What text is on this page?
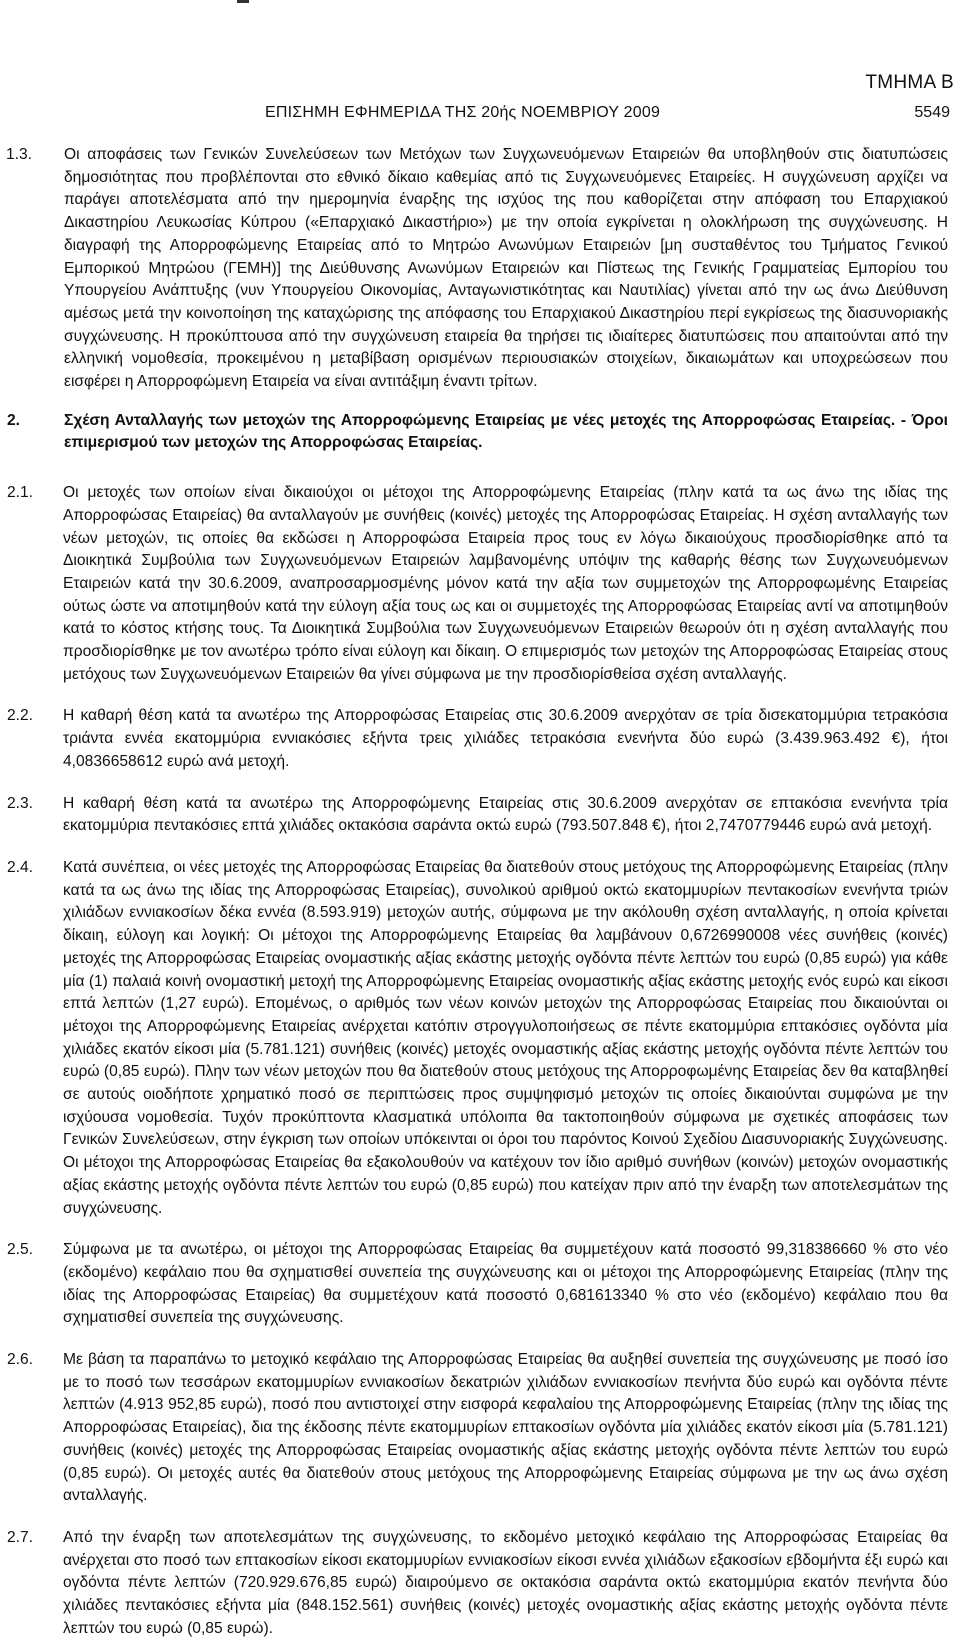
ΤΜΗΜΑ Β
ΕΠΙΣΗΜΗ ΕΦΗΜΕΡΙΔΑ ΤΗΣ 20ής ΝΟΕΜΒΡΙΟΥ 2009	5549
1.3.	Οι αποφάσεις των Γενικών Συνελεύσεων των Μετόχων των Συγχωνευόμενων Εταιρειών θα υποβληθούν στις διατυπώσεις δημοσιότητας που προβλέπονται στο εθνικό δίκαιο καθεμίας από τις Συγχωνευόμενες Εταιρείες. Η συγχώνευση αρχίζει να παράγει αποτελέσματα από την ημερομηνία έναρξης της ισχύος της που καθορίζεται στην απόφαση του Επαρχιακού Δικαστηρίου Λευκωσίας Κύπρου («Επαρχιακό Δικαστήριο») με την οποία εγκρίνεται η ολοκλήρωση της συγχώνευσης. Η διαγραφή της Απορροφώμενης Εταιρείας από το Μητρώο Ανωνύμων Εταιρειών [μη συσταθέντος του Τμήματος Γενικού Εμπορικού Μητρώου (ΓΕΜΗ)] της Διεύθυνσης Ανωνύμων Εταιρειών και Πίστεως της Γενικής Γραμματείας Εμπορίου του Υπουργείου Ανάπτυξης (νυν Υπουργείου Οικονομίας, Ανταγωνιστικότητας και Ναυτιλίας) γίνεται από την ως άνω Διεύθυνση αμέσως μετά την κοινοποίηση της καταχώρισης της απόφασης του Επαρχιακού Δικαστηρίου περί εγκρίσεως της διασυνοριακής συγχώνευσης. Η προκύπτουσα από την συγχώνευση εταιρεία θα τηρήσει τις ιδιαίτερες διατυπώσεις που απαιτούνται από την ελληνική νομοθεσία, προκειμένου η μεταβίβαση ορισμένων περιουσιακών στοιχείων, δικαιωμάτων και υποχρεώσεων που εισφέρει η Απορροφώμενη Εταιρεία να είναι αντιτάξιμη έναντι τρίτων.
2.	Σχέση Ανταλλαγής των μετοχών της Απορροφώμενης Εταιρείας με νέες μετοχές της Απορροφώσας Εταιρείας. - Όροι επιμερισμού των μετοχών της Απορροφώσας Εταιρείας.
2.1.	Οι μετοχές των οποίων είναι δικαιούχοι οι μέτοχοι της Απορροφώμενης Εταιρείας (πλην κατά τα ως άνω της ιδίας της Απορροφώσας Εταιρείας) θα ανταλλαγούν με συνήθεις (κοινές) μετοχές της Απορροφώσας Εταιρείας. Η σχέση ανταλλαγής των νέων μετοχών, τις οποίες θα εκδώσει η Απορροφώσα Εταιρεία προς τους εν λόγω δικαιούχους προσδιορίσθηκε από τα Διοικητικά Συμβούλια των Συγχωνευόμενων Εταιρειών λαμβανομένης υπόψιν της καθαρής θέσης των Συγχωνευόμενων Εταιρειών κατά την 30.6.2009, αναπροσαρμοσμένης μόνον κατά την αξία των συμμετοχών της Απορροφωμένης Εταιρείας ούτως ώστε να αποτιμηθούν κατά την εύλογη αξία τους ως και οι συμμετοχές της Απορροφώσας Εταιρείας αντί να αποτιμηθούν κατά το κόστος κτήσης τους. Τα Διοικητικά Συμβούλια των Συγχωνευόμενων Εταιρειών θεωρούν ότι η σχέση ανταλλαγής που προσδιορίσθηκε με τον ανωτέρω τρόπο είναι εύλογη και δίκαιη. Ο επιμερισμός των μετοχών της Απορροφώσας Εταιρείας στους μετόχους των Συγχωνευόμενων Εταιρειών θα γίνει σύμφωνα με την προσδιορίσθείσα σχέση ανταλλαγής.
2.2.	Η καθαρή θέση κατά τα ανωτέρω της Απορροφώσας Εταιρείας στις 30.6.2009 ανερχόταν σε τρία δισεκατομμύρια τετρακόσια τριάντα εννέα εκατομμύρια εννιακόσιες εξήντα τρεις χιλιάδες τετρακόσια ενενήντα δύο ευρώ (3.439.963.492 €), ήτοι 4,0836658612 ευρώ ανά μετοχή.
2.3.	Η καθαρή θέση κατά τα ανωτέρω της Απορροφώμενης Εταιρείας στις 30.6.2009 ανερχόταν σε επτακόσια ενενήντα τρία εκατομμύρια πεντακόσιες επτά χιλιάδες οκτακόσια σαράντα οκτώ ευρώ (793.507.848 €), ήτοι 2,7470779446 ευρώ ανά μετοχή.
2.4.	Κατά συνέπεια, οι νέες μετοχές της Απορροφώσας Εταιρείας θα διατεθούν στους μετόχους της Απορροφώμενης Εταιρείας (πλην κατά τα ως άνω της ιδίας της Απορροφώσας Εταιρείας), συνολικού αριθμού οκτώ εκατομμυρίων πεντακοσίων ενενήντα τριών χιλιάδων εννιακοσίων δέκα εννέα (8.593.919) μετοχών αυτής, σύμφωνα με την ακόλουθη σχέση ανταλλαγής, η οποία κρίνεται δίκαιη, εύλογη και λογική: Οι μέτοχοι της Απορροφώμενης Εταιρείας θα λαμβάνουν 0,6726990008 νέες συνήθεις (κοινές) μετοχές της Απορροφώσας Εταιρείας ονομαστικής αξίας εκάστης μετοχής ογδόντα πέντε λεπτών του ευρώ (0,85 ευρώ) για κάθε μία (1) παλαιά κοινή ονομαστική μετοχή της Απορροφώμενης Εταιρείας ονομαστικής αξίας εκάστης μετοχής ενός ευρώ και είκοσι επτά λεπτών (1,27 ευρώ). Επομένως, ο αριθμός των νέων κοινών μετοχών της Απορροφώσας Εταιρείας που δικαιούνται οι μέτοχοι της Απορροφώμενης Εταιρείας ανέρχεται κατόπιν στρογγυλοποιήσεως σε πέντε εκατομμύρια επτακόσιες ογδόντα μία χιλιάδες εκατόν είκοσι μία (5.781.121) συνήθεις (κοινές) μετοχές ονομαστικής αξίας εκάστης μετοχής ογδόντα πέντε λεπτών του ευρώ (0,85 ευρώ). Πλην των νέων μετοχών που θα διατεθούν στους μετόχους της Απορροφωμένης Εταιρείας δεν θα καταβληθεί σε αυτούς οιοδήποτε χρηματικό ποσό σε περιπτώσεις προς συμψηφισμό μετοχών τις οποίες δικαιούνται συμφώνα με την ισχύουσα νομοθεσία. Τυχόν προκύπτοντα κλασματικά υπόλοιπα θα τακτοποιηθούν σύμφωνα με σχετικές αποφάσεις των Γενικών Συνελεύσεων, στην έγκριση των οποίων υπόκεινται οι όροι του παρόντος Κοινού Σχεδίου Διασυνοριακής Συγχώνευσης. Οι μέτοχοι της Απορροφώσας Εταιρείας θα εξακολουθούν να κατέχουν τον ίδιο αριθμό συνήθων (κοινών) μετοχών ονομαστικής αξίας εκάστης μετοχής ογδόντα πέντε λεπτών του ευρώ (0,85 ευρώ) που κατείχαν πριν από την έναρξη των αποτελεσμάτων της συγχώνευσης.
2.5.	Σύμφωνα με τα ανωτέρω, οι μέτοχοι της Απορροφώσας Εταιρείας θα συμμετέχουν κατά ποσοστό 99,318386660 % στο νέο (εκδομένο) κεφάλαιο που θα σχηματισθεί συνεπεία της συγχώνευσης και οι μέτοχοι της Απορροφώμενης Εταιρείας (πλην της ιδίας της Απορροφώσας Εταιρείας) θα συμμετέχουν κατά ποσοστό 0,681613340 % στο νέο (εκδομένο) κεφάλαιο που θα σχηματισθεί συνεπεία της συγχώνευσης.
2.6.	Με βάση τα παραπάνω το μετοχικό κεφάλαιο της Απορροφώσας Εταιρείας θα αυξηθεί συνεπεία της συγχώνευσης με ποσό ίσο με το ποσό των τεσσάρων εκατομμυρίων εννιακοσίων δεκατριών χιλιάδων εννιακοσίων πενήντα δύο ευρώ και ογδόντα πέντε λεπτών (4.913 952,85 ευρώ), ποσό που αντιστοιχεί στην εισφορά κεφαλαίου της Απορροφώμενης Εταιρείας (πλην της ιδίας της Απορροφώσας Εταιρείας), δια της έκδοσης πέντε εκατομμυρίων επτακοσίων ογδόντα μία χιλιάδες εκατόν είκοσι μία (5.781.121) συνήθεις (κοινές) μετοχές της Απορροφώσας Εταιρείας ονομαστικής αξίας εκάστης μετοχής ογδόντα πέντε λεπτών του ευρώ (0,85 ευρώ). Οι μετοχές αυτές θα διατεθούν στους μετόχους της Απορροφώμενης Εταιρείας σύμφωνα με την ως άνω σχέση ανταλλαγής.
2.7.	Από την έναρξη των αποτελεσμάτων της συγχώνευσης, το εκδομένο μετοχικό κεφάλαιο της Απορροφώσας Εταιρείας θα ανέρχεται στο ποσό των επτακοσίων είκοσι εκατομμυρίων εννιακοσίων είκοσι εννέα χιλιάδων εξακοσίων εβδομήντα έξι ευρώ και ογδόντα πέντε λεπτών (720.929.676,85 ευρώ) διαιρούμενο σε οκτακόσια σαράντα οκτώ εκατομμύρια εκατόν πενήντα δύο χιλιάδες πεντακόσιες εξήντα μία (848.152.561) συνήθεις (κοινές) μετοχές ονομαστικής αξίας εκάστης μετοχής ογδόντα πέντε λεπτών του ευρώ (0,85 ευρώ).
